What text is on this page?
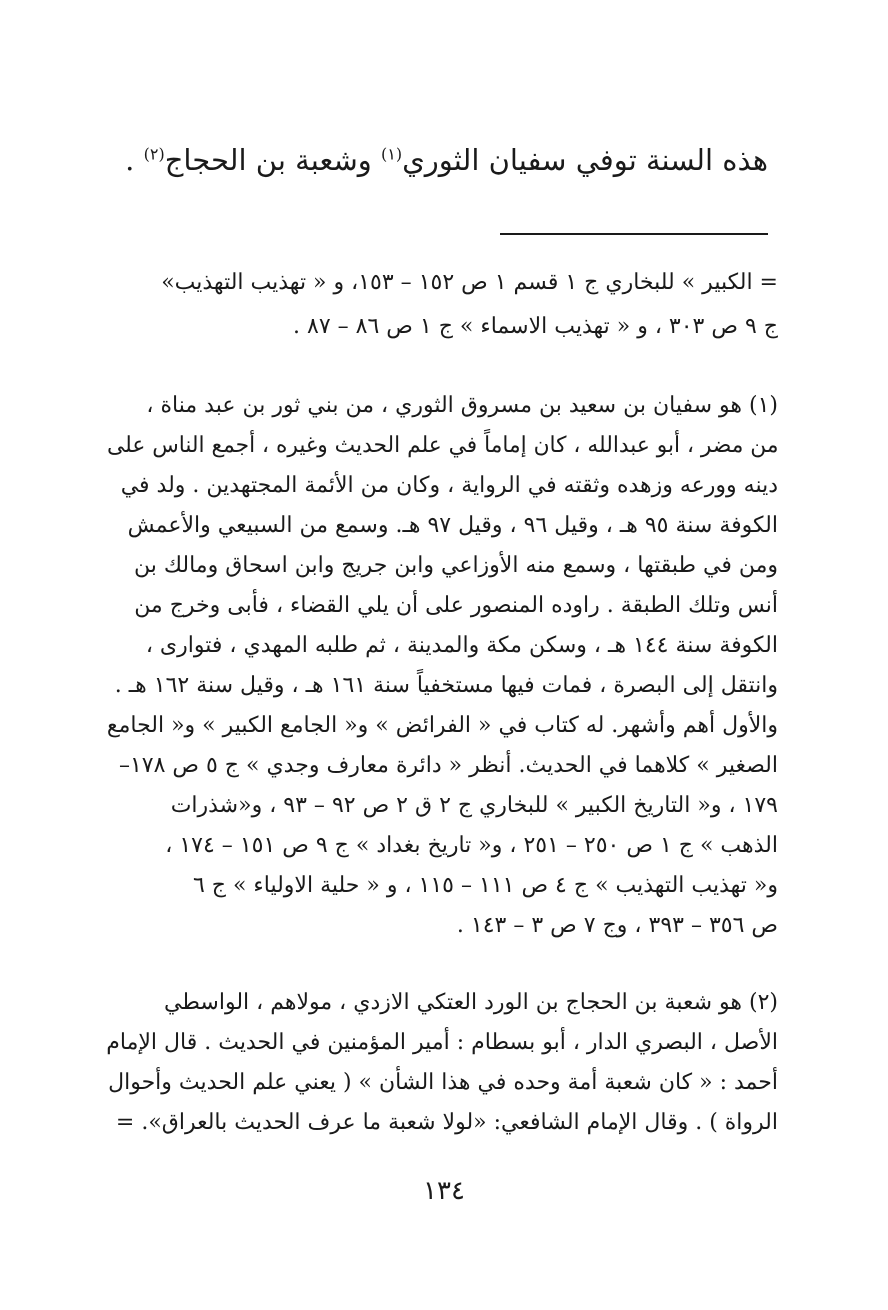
هذه السنة توفي سفيان الثوري$^{(١)}$ وشعبة بن الحجاج$^{(٢)}$ .
= الكبير » للبخاري ج ١ قسم ١ ص ١٥٢ – ١٥٣، و « تهذيب التهذيب»
ج ٩ ص ٣٠٣ ، و « تهذيب الاسماء » ج ١ ص ٨٦ – ٨٧ .
(١) هو سفيان بن سعيد بن مسروق الثوري ، من بني ثور بن عبد مناة ،
من مضر ، أبو عبدالله ، كان إماماً في علم الحديث وغيره ، أجمع الناس على
دينه وورعه وزهده وثقته في الرواية ، وكان من الأئمة المجتهدين . ولد في
الكوفة سنة ٩٥ هـ ، وقيل ٩٦ ، وقيل ٩٧ هـ. وسمع من السبيعي والأعمش
ومن في طبقتها ، وسمع منه الأوزاعي وابن جريج وابن اسحاق ومالك بن
أنس وتلك الطبقة . راوده المنصور على أن يلي القضاء ، فأبى وخرج من
الكوفة سنة ١٤٤ هـ ، وسكن مكة والمدينة ، ثم طلبه المهدي ، فتوارى ،
وانتقل إلى البصرة ، فمات فيها مستخفياً سنة ١٦١ هـ ، وقيل سنة ١٦٢ هـ .
والأول أهم وأشهر. له كتاب في « الفرائض » و« الجامع الكبير » و« الجامع
الصغير » كلاهما في الحديث. أنظر « دائرة معارف وجدي » ج ٥ ص ١٧٨–
١٧٩ ، و« التاريخ الكبير » للبخاري ج ٢ ق ٢ ص ٩٢ – ٩٣ ، و«شذرات
الذهب » ج ١ ص ٢٥٠ – ٢٥١ ، و« تاريخ بغداد » ج ٩ ص ١٥١ – ١٧٤ ،
و« تهذيب التهذيب » ج ٤ ص ١١١ – ١١٥ ، و « حلية الاولياء » ج ٦
ص ٣٥٦ – ٣٩٣ ، وج ٧ ص ٣ – ١٤٣ .
(٢) هو شعبة بن الحجاج بن الورد العتكي الازدي ، مولاهم ، الواسطي
الأصل ، البصري الدار ، أبو بسطام : أمير المؤمنين في الحديث . قال الإمام
أحمد : « كان شعبة أمة وحده في هذا الشأن » ( يعني علم الحديث وأحوال
الرواة ) . وقال الإمام الشافعي: «لولا شعبة ما عرف الحديث بالعراق». =
١٣٤
